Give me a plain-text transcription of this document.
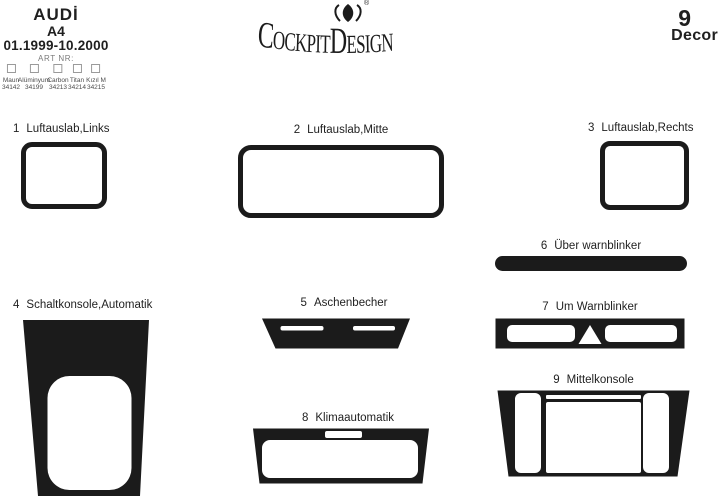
AUDİ
A4
01.1999-10.2000
ART NR:
Maun
34142
Alüminyum
34199
Carbon
34213
Titan
34214
Kızıl M
34215
®
CockpitDesign	9
Decor
1 Luftauslab,Links	2 Luftauslab,Mitte	3 Luftauslab,Rechts
4 Schaltkonsole,Automatik	5 Aschenbecher
6 Über warnblinker
7 Um Warnblinker
8 Klimaautomatik
9 Mittelkonsole
